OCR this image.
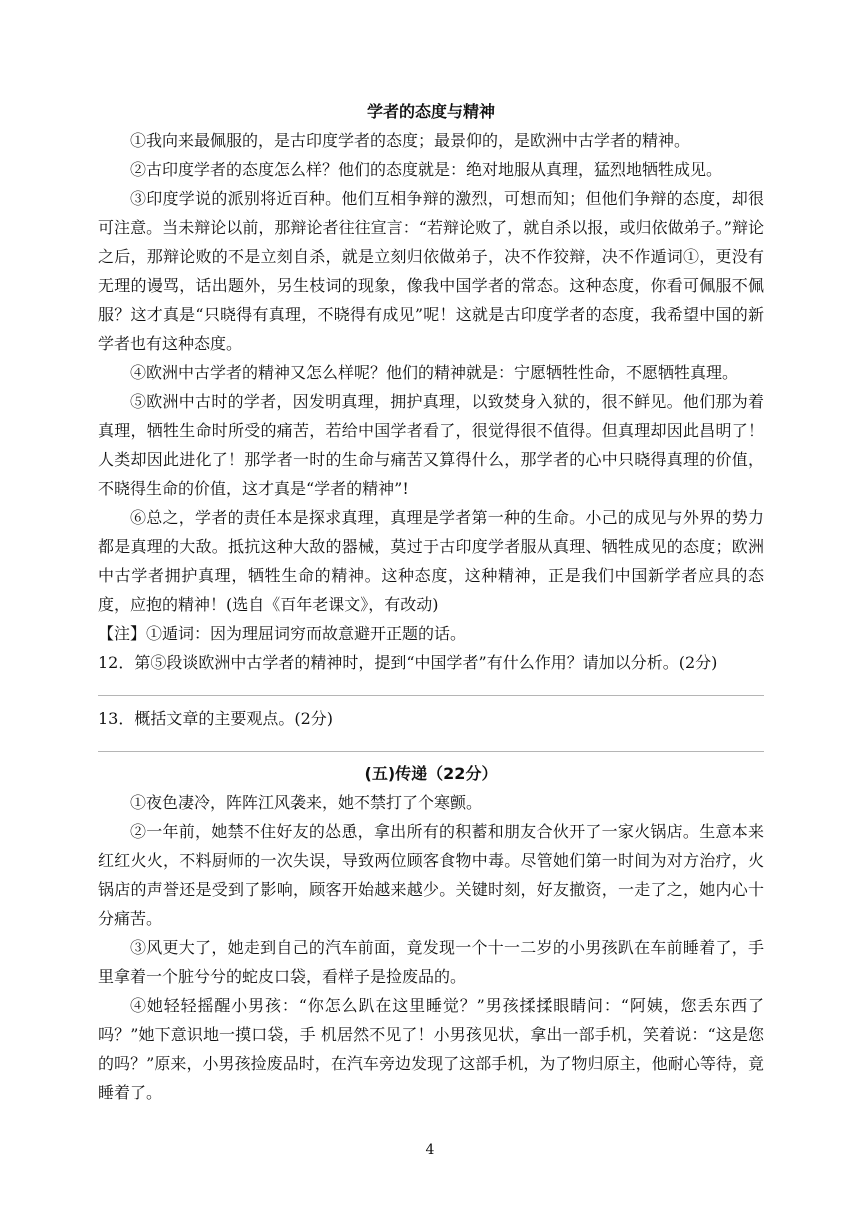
学者的态度与精神

①我向来最佩服的，是古印度学者的态度；最景仰的，是欧洲中古学者的精神。

②古印度学者的态度怎么样？他们的态度就是：绝对地服从真理，猛烈地牺牲成见。

③印度学说的派别将近百种。他们互相争辩的激烈，可想而知；但他们争辩的态度，却很可注意。当未辩论以前，那辩论者往往宣言：“若辩论败了，就自杀以报，或归依做弟子。”辩论之后，那辩论败的不是立刻自杀，就是立刻归依做弟子，决不作狡辩，决不作遁词①，更没有无理的谩骂，话出题外，另生枝词的现象，像我中国学者的常态。这种态度，你看可佩服不佩服？这才真是“只晓得有真理，不晓得有成见”呢！这就是古印度学者的态度，我希望中国的新学者也有这种态度。

④欧洲中古学者的精神又怎么样呢？他们的精神就是：宁愿牺牲性命，不愿牺牲真理。

⑤欧洲中古时的学者，因发明真理，拥护真理，以致焚身入狱的，很不鲜见。他们那为着真理，牺牲生命时所受的痛苦，若给中国学者看了，很觉得很不值得。但真理却因此昌明了！人类却因此进化了！那学者一时的生命与痛苦又算得什么，那学者的心中只晓得真理的价值，不晓得生命的价值，这才真是“学者的精神”!

⑥总之，学者的责任本是探求真理，真理是学者第一种的生命。小己的成见与外界的势力都是真理的大敌。抵抗这种大敌的器械，莫过于古印度学者服从真理、牺牲成见的态度；欧洲中古学者拥护真理，牺牲生命的精神。这种态度，这种精神，正是我们中国新学者应具的态度，应抱的精神！(选自《百年老课文》，有改动)

【注】①遁词：因为理屈词穷而故意避开正题的话。

12．第⑤段谈欧洲中古学者的精神时，提到“中国学者”有什么作用？请加以分析。(2分)

13．概括文章的主要观点。(2分)

(五)传递（22分）

①夜色凄冷，阵阵江风袭来，她不禁打了个寒颤。

②一年前，她禁不住好友的怂恿，拿出所有的积蓄和朋友合伙开了一家火锅店。生意本来红红火火，不料厨师的一次失误，导致两位顾客食物中毒。尽管她们第一时间为对方治疗，火锅店的声誉还是受到了影响，顾客开始越来越少。关键时刻，好友撤资，一走了之，她内心十分痛苦。

③风更大了，她走到自己的汽车前面，竟发现一个十一二岁的小男孩趴在车前睡着了，手里拿着一个脏兮兮的蛇皮口袋，看样子是捡废品的。

④她轻轻摇醒小男孩：“你怎么趴在这里睡觉？”男孩揉揉眼睛问：“阿姨，您丢东西了吗？”她下意识地一摸口袋，手 机居然不见了！小男孩见状，拿出一部手机，笑着说：“这是您的吗？”原来，小男孩捡废品时，在汽车旁边发现了这部手机，为了物归原主，他耐心等待，竟睡着了。

4
